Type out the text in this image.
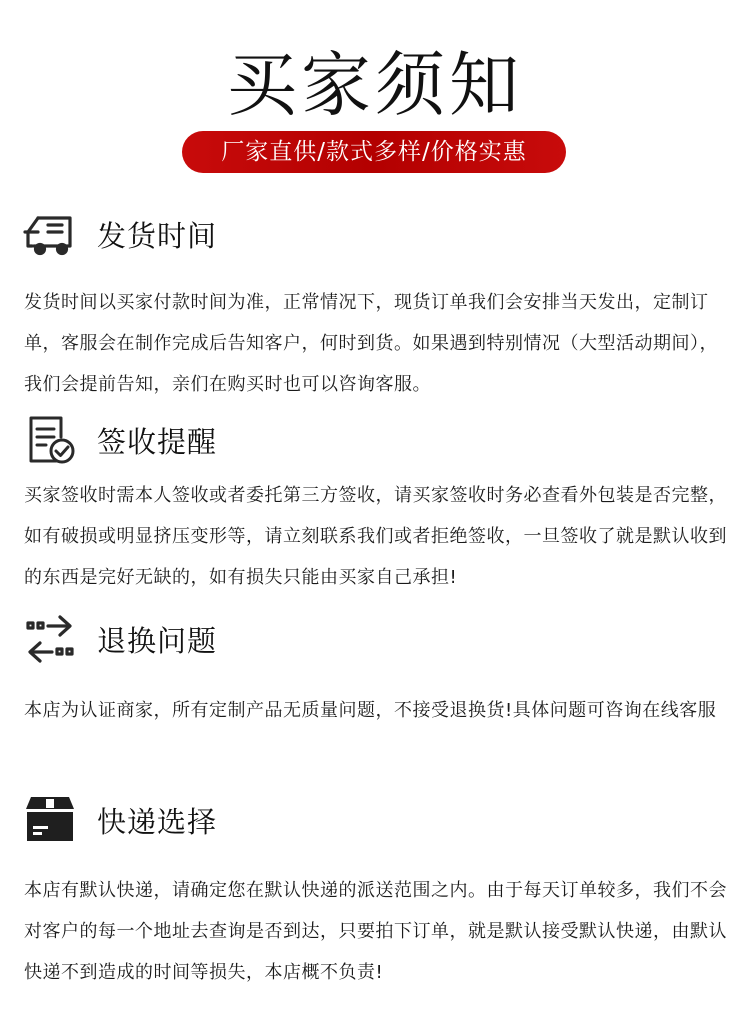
买家须知
厂家直供/款式多样/价格实惠
发货时间
发货时间以买家付款时间为准，正常情况下，现货订单我们会安排当天发出，定制订单，客服会在制作完成后告知客户，何时到货。如果遇到特别情况（大型活动期间），我们会提前告知，亲们在购买时也可以咨询客服。
签收提醒
买家签收时需本人签收或者委托第三方签收，请买家签收时务必查看外包装是否完整，如有破损或明显挤压变形等，请立刻联系我们或者拒绝签收，一旦签收了就是默认收到的东西是完好无缺的，如有损失只能由买家自己承担!
退换问题
本店为认证商家，所有定制产品无质量问题，不接受退换货!具体问题可咨询在线客服
快递选择
本店有默认快递，请确定您在默认快递的派送范围之内。由于每天订单较多，我们不会对客户的每一个地址去查询是否到达，只要拍下订单，就是默认接受默认快递，由默认快递不到造成的时间等损失，本店概不负责!
